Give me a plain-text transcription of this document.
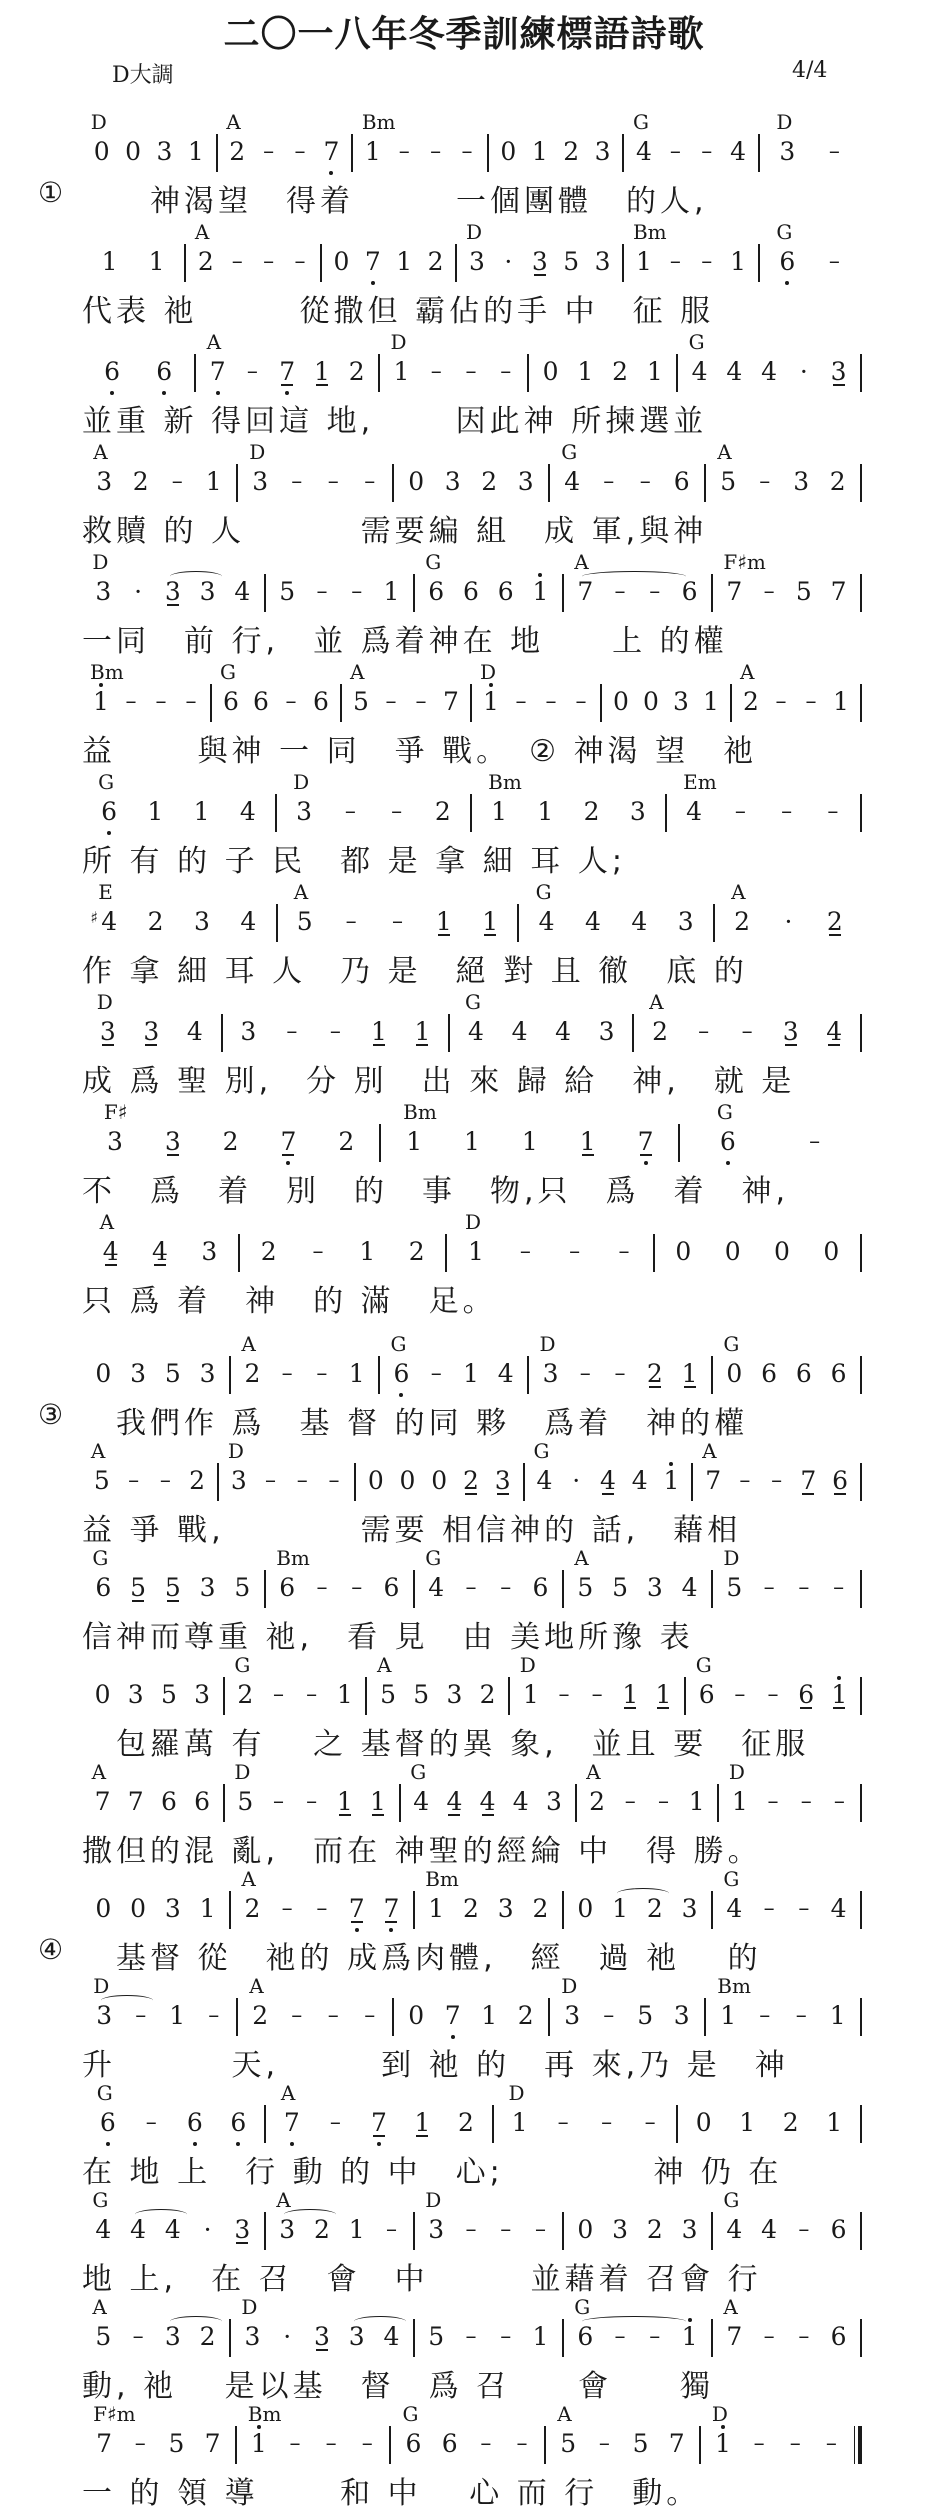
二〇一八年冬季訓練標語詩歌
D大調	4/4
①
0
D
0 3 1 2
A
– – 7 1
Bm
– – – 0 1 2 3 4
G
– – 4 3
D
–
　　神渴望　得着　　　一個團體　的人,
1 1 2
A
– – – 0 7 1 2 3
D
· 3 5 3 1
Bm
– – 1 6
G
–
代表 祂　　　從撒但 霸佔的手 中　征 服
6 6 7
A
– 7 1 2 1
D
– – – 0 1 2 1 4
G
4 4 · 3
並重 新 得回這 地,　　 因此神 所揀選並
3
A
2 – 1 3
D
– – – 0 3 2 3 4
G
– – 6 5
A
– 3 2
救贖 的 人　　　 需要編 組　成 軍,與神
3
D
· 3 3 4 5 – – 1 6
G
6 6 1 7
A
– – 6 7
F♯m
– 5 7
一同　前 行,　並 爲着神在 地　　上 的權
1
Bm
– – – 6
G
6 – 6 5
A
– – 7 1
D
– – – 0 0 3 1 2
A
– – 1
益　　 與神 一 同　爭 戰。　② 神渴 望　祂
6
G
1 1 4 3
D
– – 2 1
Bm
1 2 3 4
Em
– – –
所 有 的 子 民　都 是 拿 細 耳 人;
4
♯
E
2 3 4 5
A
– – 1 1 4
G
4 4 3 2
A
· 2
作 拿 細 耳 人　乃 是　絕 對 且 徹　底 的
3
D
3 4 3 – – 1 1 4
G
4 4 3 2
A
– – 3 4
成 爲 聖 別,　分 別　出 來 歸 給　神,　就 是
3
F♯
3 2 7 2 1
Bm
1 1 1 7	6
G
–
不　爲　着　別　的　事　物,只　爲　着　神,
4
A
4 3 2 – 1 2 1
D
– – – 0 0 0 0
只 爲 着　神　的 滿　足。
③
0 3 5 3 2
A
– – 1 6
G
– 1 4 3
D
– – 2 1 0
G
6 6 6
　我們作 爲　基 督 的同 夥　爲着　神的權
5
A
– – 2 3
D
– – – 0 0 0 2 3 4
G
· 4 4 1 7
A
– – 7 6
益 爭 戰,　　　　需要 相信神的 話,　藉相
6
G
5 5 3 5 6
Bm
– – 6 4
G
– – 6 5
A
5 3 4 5
D
– – –
信神而尊重 祂,　看 見　由 美地所豫 表
0 3 5 3 2
G
– – 1 5
A
5 3 2 1
D
– – 1 1 6
G
– – 6 1
　包羅萬 有　 之 基督的異 象,　並且 要　征服
7
A
7 6 6 5
D
– – 1 1 4
G
4 4 4 3 2
A
– – 1 1
D
– – –
撒但的混 亂,　而在 神聖的經綸 中　得 勝。
④
0 0 3 1 2
A
– – 7 7 1
Bm
2 3 2 0 1 2 3 4
G
– – 4
　基督 從　祂的 成爲肉體,　經　過 祂　 的
3
D
– 1 – 2
A
– – – 0 7 1 2 3
D
– 5 3 1
Bm
– – 1
升　　　 天,　　　到 祂 的　再 來,乃 是　神
6
G
– 6 6 7
A
– 7 1 2 1
D
– – – 0 1 2 1
在 地 上　行 動 的 中　心;　　　　 神 仍 在
4
G
4 4 · 3 3
A
2 1 – 3
D
– – – 0 3 2 3 4
G
4 – 6
地 上,　在 召　會　中　　　並藉着 召會 行
5
A
– 3 2 3
D
· 3 3 4 5 – – 1 6
G
– – 1 7
A
– – 6
動, 祂　 是以基　督　爲 召　　會　　獨
7
F♯m
– 5 7 1
Bm
– – – 6
G
6 – – 5
A
– 5 7 1
D
– – –
一 的 領 導　　 和 中　 心 而 行　動。
